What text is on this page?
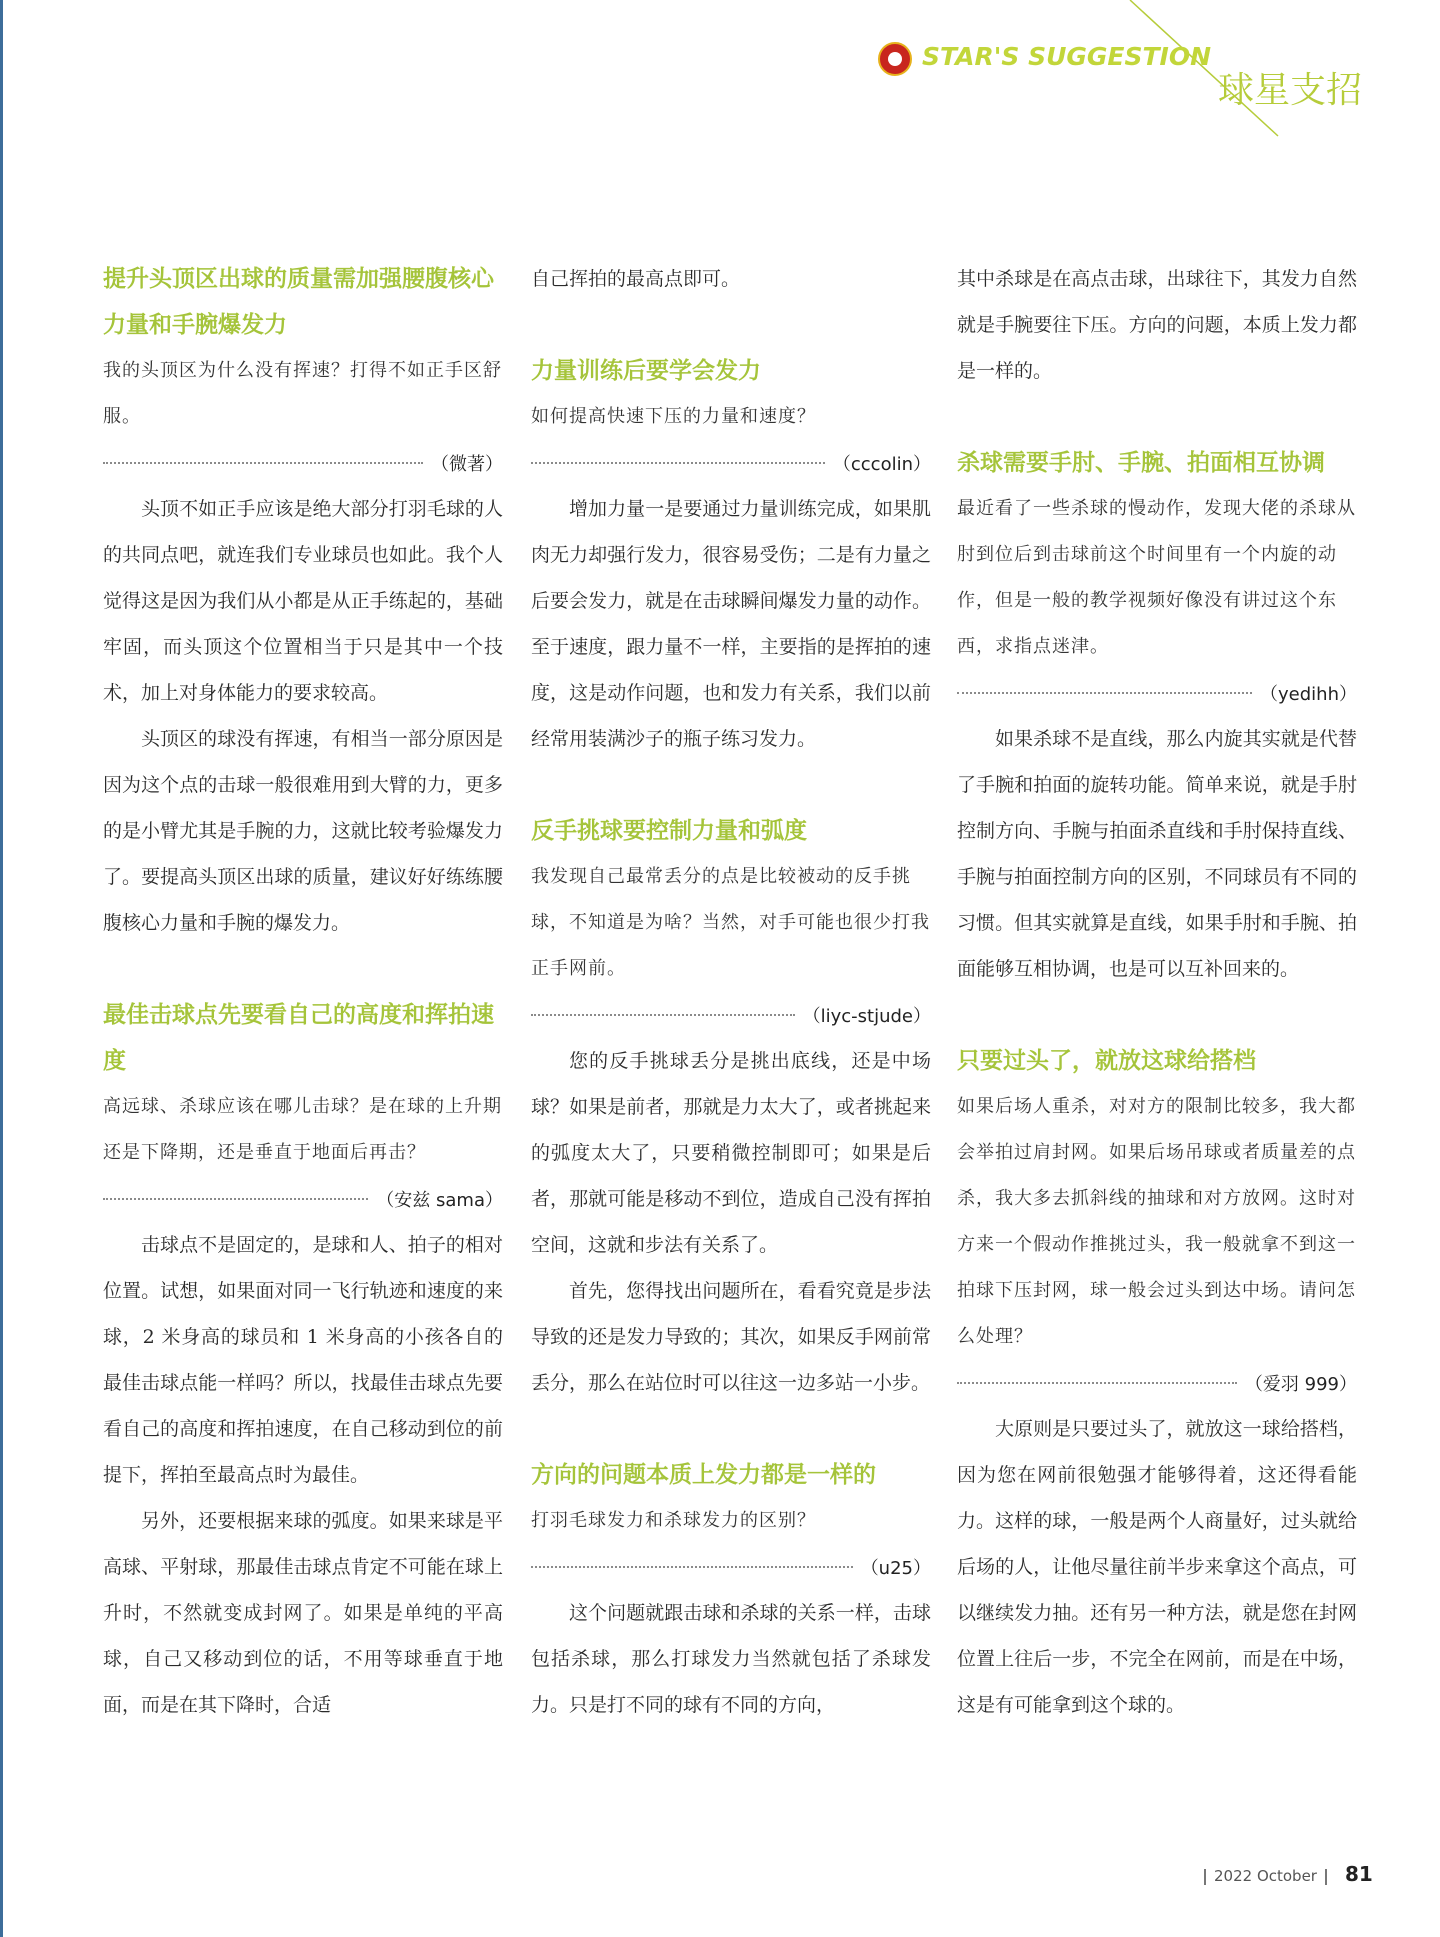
STAR'S SUGGESTION
球星支招
提升头顶区出球的质量需加强腰腹核心力量和手腕爆发力

我的头顶区为什么没有挥速？打得不如正手区舒服。

（微著）

头顶不如正手应该是绝大部分打羽毛球的人的共同点吧，就连我们专业球员也如此。我个人觉得这是因为我们从小都是从正手练起的，基础牢固，而头顶这个位置相当于只是其中一个技术，加上对身体能力的要求较高。

头顶区的球没有挥速，有相当一部分原因是因为这个点的击球一般很难用到大臂的力，更多的是小臂尤其是手腕的力，这就比较考验爆发力了。要提高头顶区出球的质量，建议好好练练腰腹核心力量和手腕的爆发力。

最佳击球点先要看自己的高度和挥拍速度

高远球、杀球应该在哪儿击球？是在球的上升期还是下降期，还是垂直于地面后再击？

（安兹 sama）

击球点不是固定的，是球和人、拍子的相对位置。试想，如果面对同一飞行轨迹和速度的来球，2 米身高的球员和 1 米身高的小孩各自的最佳击球点能一样吗？所以，找最佳击球点先要看自己的高度和挥拍速度，在自己移动到位的前提下，挥拍至最高点时为最佳。

另外，还要根据来球的弧度。如果来球是平高球、平射球，那最佳击球点肯定不可能在球上升时，不然就变成封网了。如果是单纯的平高球，自己又移动到位的话，不用等球垂直于地面，而是在其下降时，合适

自己挥拍的最高点即可。

力量训练后要学会发力

如何提高快速下压的力量和速度？

（cccolin）

增加力量一是要通过力量训练完成，如果肌肉无力却强行发力，很容易受伤；二是有力量之后要会发力，就是在击球瞬间爆发力量的动作。至于速度，跟力量不一样，主要指的是挥拍的速度，这是动作问题，也和发力有关系，我们以前经常用装满沙子的瓶子练习发力。

反手挑球要控制力量和弧度

我发现自己最常丢分的点是比较被动的反手挑球，不知道是为啥？当然，对手可能也很少打我正手网前。

（liyc-stjude）

您的反手挑球丢分是挑出底线，还是中场球？如果是前者，那就是力太大了，或者挑起来的弧度太大了，只要稍微控制即可；如果是后者，那就可能是移动不到位，造成自己没有挥拍空间，这就和步法有关系了。

首先，您得找出问题所在，看看究竟是步法导致的还是发力导致的；其次，如果反手网前常丢分，那么在站位时可以往这一边多站一小步。

方向的问题本质上发力都是一样的

打羽毛球发力和杀球发力的区别？

（u25）

这个问题就跟击球和杀球的关系一样，击球包括杀球，那么打球发力当然就包括了杀球发力。只是打不同的球有不同的方向，

其中杀球是在高点击球，出球往下，其发力自然就是手腕要往下压。方向的问题，本质上发力都是一样的。

杀球需要手肘、手腕、拍面相互协调

最近看了一些杀球的慢动作，发现大佬的杀球从肘到位后到击球前这个时间里有一个内旋的动作，但是一般的教学视频好像没有讲过这个东西，求指点迷津。

（yedihh）

如果杀球不是直线，那么内旋其实就是代替了手腕和拍面的旋转功能。简单来说，就是手肘控制方向、手腕与拍面杀直线和手肘保持直线、手腕与拍面控制方向的区别，不同球员有不同的习惯。但其实就算是直线，如果手肘和手腕、拍面能够互相协调，也是可以互补回来的。

只要过头了，就放这球给搭档

如果后场人重杀，对对方的限制比较多，我大都会举拍过肩封网。如果后场吊球或者质量差的点杀，我大多去抓斜线的抽球和对方放网。这时对方来一个假动作推挑过头，我一般就拿不到这一拍球下压封网，球一般会过头到达中场。请问怎么处理？

（爱羽 999）

大原则是只要过头了，就放这一球给搭档，因为您在网前很勉强才能够得着，这还得看能力。这样的球，一般是两个人商量好，过头就给后场的人，让他尽量往前半步来拿这个高点，可以继续发力抽。还有另一种方法，就是您在封网位置上往后一步，不完全在网前，而是在中场，这是有可能拿到这个球的。

2022 October 81
